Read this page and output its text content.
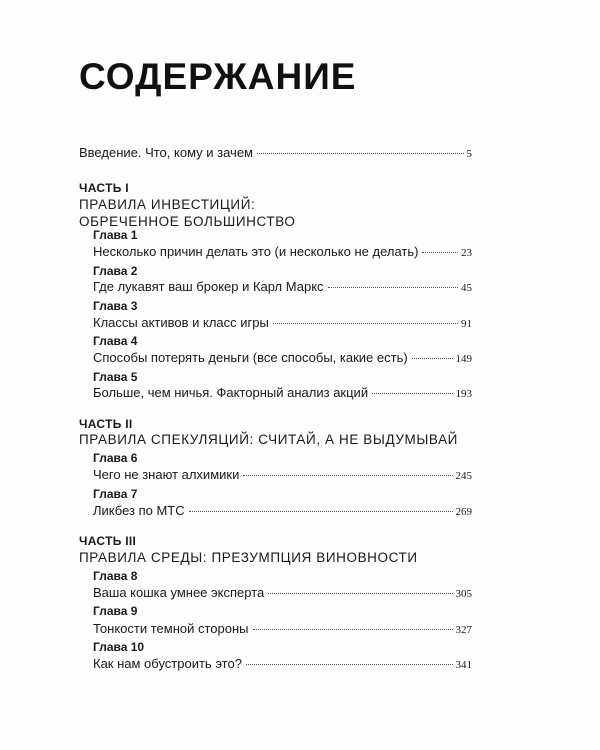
СОДЕРЖАНИЕ
Введение. Что, кому и зачем	5
ЧАСТЬ I
ПРАВИЛА ИНВЕСТИЦИЙ:
ОБРЕЧЕННОЕ БОЛЬШИНСТВО
Глава 1
Несколько причин делать это (и несколько не делать)	23
Глава 2
Где лукавят ваш брокер и Карл Маркс	45
Глава 3
Классы активов и класс игры	91
Глава 4
Способы потерять деньги (все способы, какие есть)	149
Глава 5
Больше, чем ничья. Факторный анализ акций	193
ЧАСТЬ II
ПРАВИЛА СПЕКУЛЯЦИЙ: СЧИТАЙ, А НЕ ВЫДУМЫВАЙ
Глава 6
Чего не знают алхимики	245
Глава 7
Ликбез по МТС	269
ЧАСТЬ III
ПРАВИЛА СРЕДЫ: ПРЕЗУМПЦИЯ ВИНОВНОСТИ
Глава 8
Ваша кошка умнее эксперта	305
Глава 9
Тонкости темной стороны	327
Глава 10
Как нам обустроить это?	341
